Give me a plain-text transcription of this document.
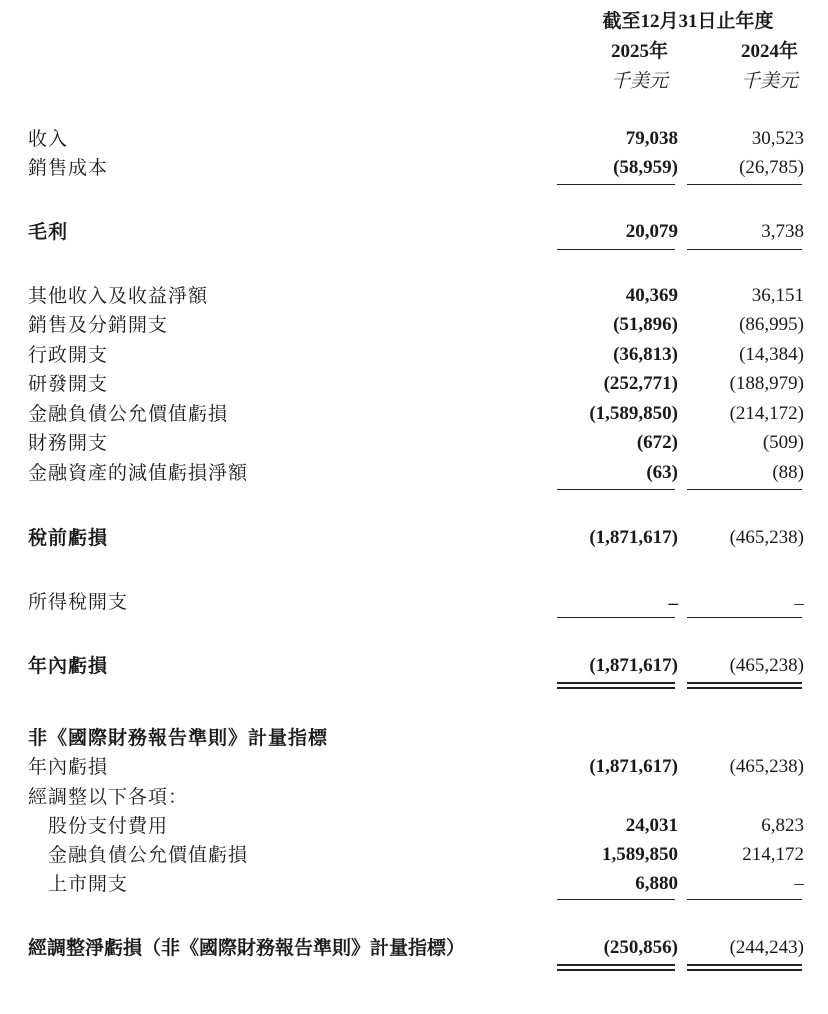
截至12月31日止年度
2025年	2024年
千美元	千美元
收入	79,038	30,523
銷售成本	(58,959)	(26,785)
毛利	20,079	3,738
其他收入及收益淨額	40,369	36,151
銷售及分銷開支	(51,896)	(86,995)
行政開支	(36,813)	(14,384)
研發開支	(252,771)	(188,979)
金融負債公允價值虧損	(1,589,850)	(214,172)
財務開支	(672)	(509)
金融資產的減值虧損淨額	(63)	(88)
稅前虧損	(1,871,617)	(465,238)
所得稅開支	–	–
年內虧損	(1,871,617)	(465,238)
非《國際財務報告準則》計量指標
年內虧損	(1,871,617)	(465,238)
經調整以下各項：
股份支付費用	24,031	6,823
金融負債公允價值虧損	1,589,850	214,172
上市開支	6,880	–
經調整淨虧損（非《國際財務報告準則》計量指標）	(250,856)	(244,243)
